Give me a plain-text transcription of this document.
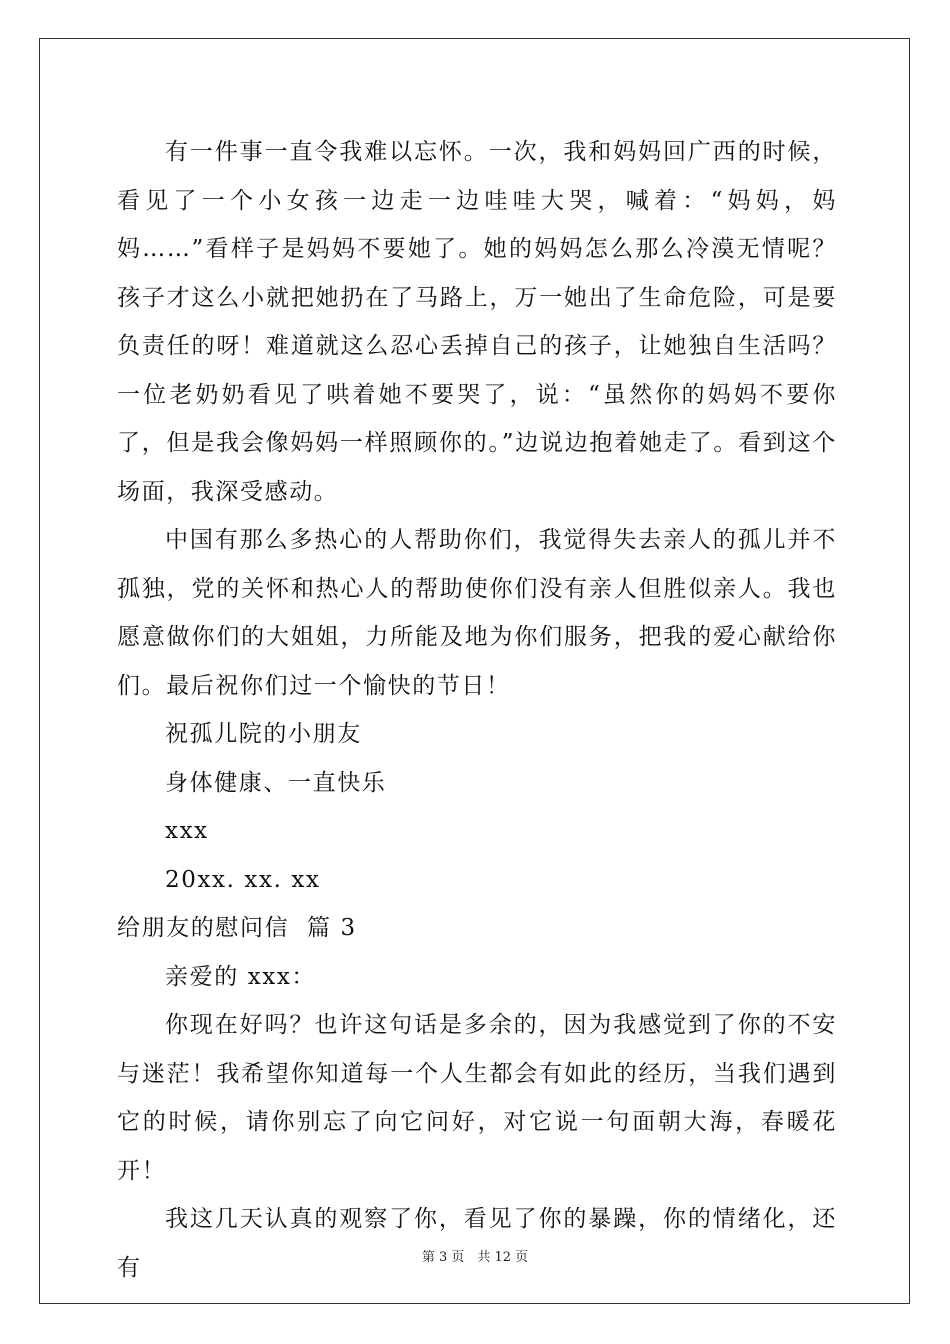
有一件事一直令我难以忘怀。一次，我和妈妈回广西的时候，看见了一个小女孩一边走一边哇哇大哭，喊着：“妈妈，妈妈……”看样子是妈妈不要她了。她的妈妈怎么那么冷漠无情呢？孩子才这么小就把她扔在了马路上，万一她出了生命危险，可是要负责任的呀！难道就这么忍心丢掉自己的孩子，让她独自生活吗？一位老奶奶看见了哄着她不要哭了，说：“虽然你的妈妈不要你了，但是我会像妈妈一样照顾你的。”边说边抱着她走了。看到这个场面，我深受感动。

中国有那么多热心的人帮助你们，我觉得失去亲人的孤儿并不孤独，党的关怀和热心人的帮助使你们没有亲人但胜似亲人。我也愿意做你们的大姐姐，力所能及地为你们服务，把我的爱心献给你们。最后祝你们过一个愉快的节日！

祝孤儿院的小朋友

身体健康、一直快乐

xxx

20xx. xx. xx

给朋友的慰问信  篇 3

亲爱的 xxx：

你现在好吗？也许这句话是多余的，因为我感觉到了你的不安与迷茫！我希望你知道每一个人生都会有如此的经历，当我们遇到它的时候，请你别忘了向它问好，对它说一句面朝大海，春暖花开！

我这几天认真的观察了你，看见了你的暴躁，你的情绪化，还有	第 3 页　共 12 页
